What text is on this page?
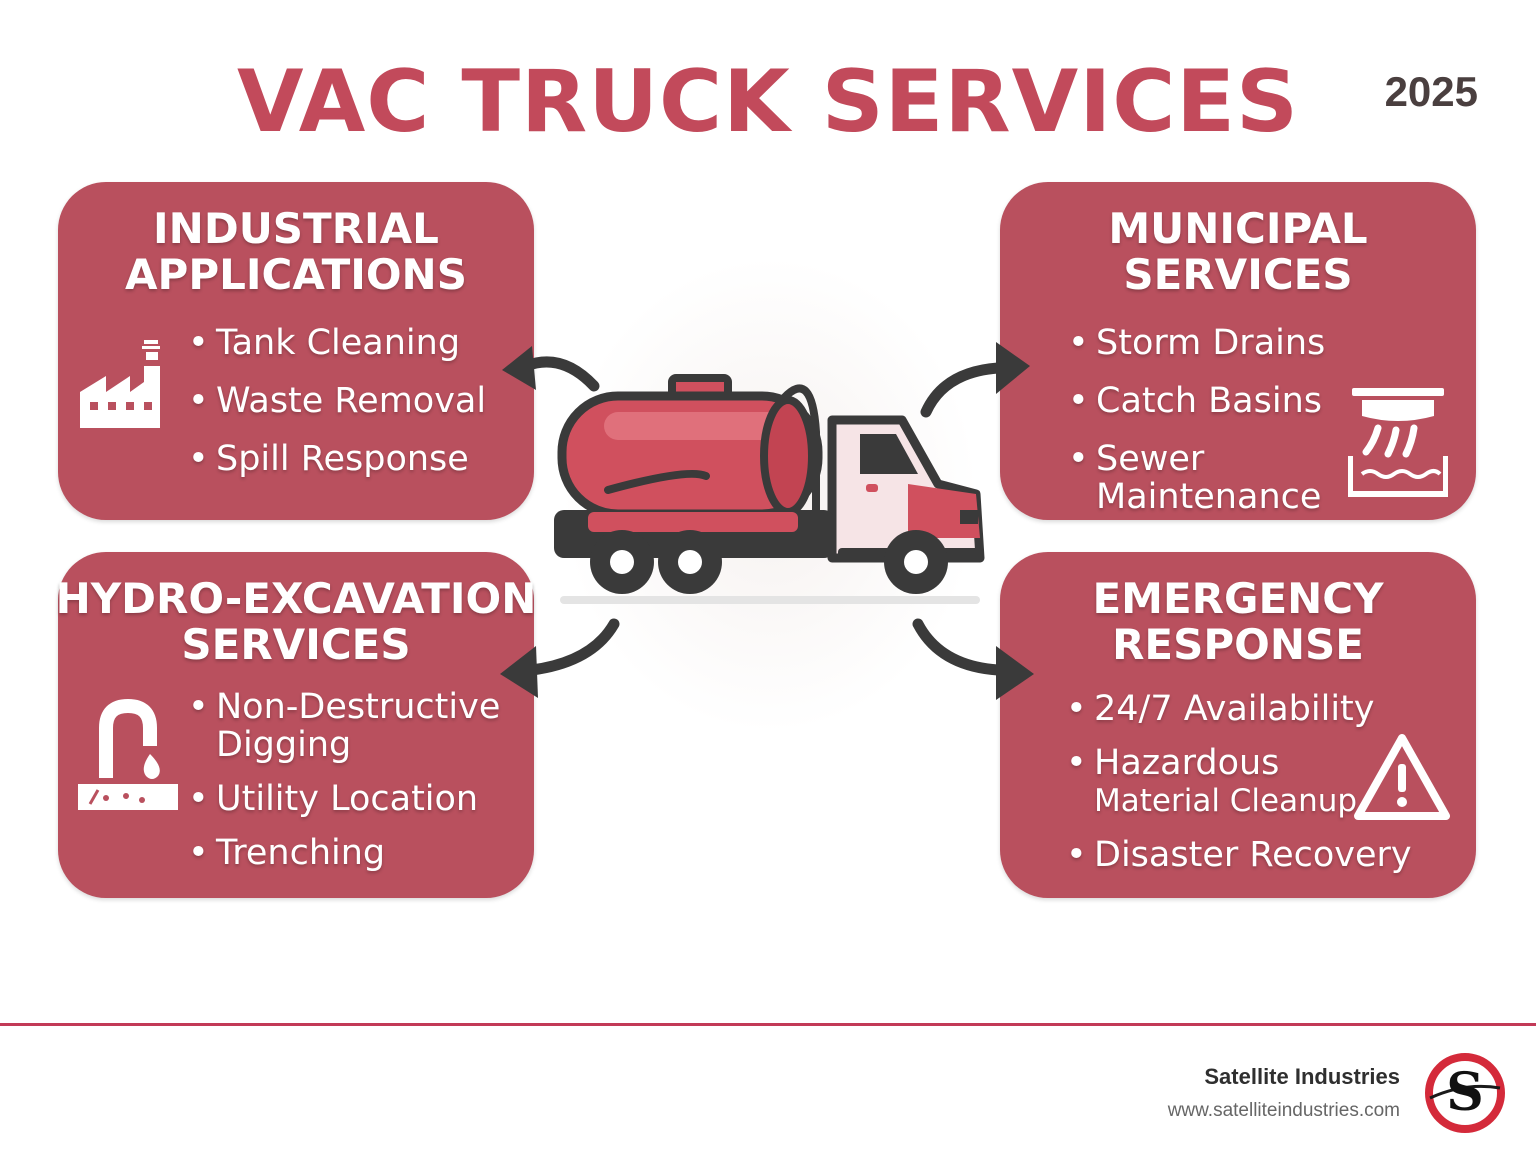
VAC TRUCK SERVICES	2025
INDUSTRIAL
APPLICATIONS
• Tank Cleaning
• Waste Removal
• Spill Response
MUNICIPAL
SERVICES
• Storm Drains
• Catch Basins
• Sewer
Maintenance
HYDRO-EXCAVATION
SERVICES
• Non-Destructive
Digging
• Utility Location
• Trenching
EMERGENCY
RESPONSE
• 24/7 Availability
• Hazardous
Material Cleanup
• Disaster Recovery
Satellite Industries
www.satelliteindustries.com S
